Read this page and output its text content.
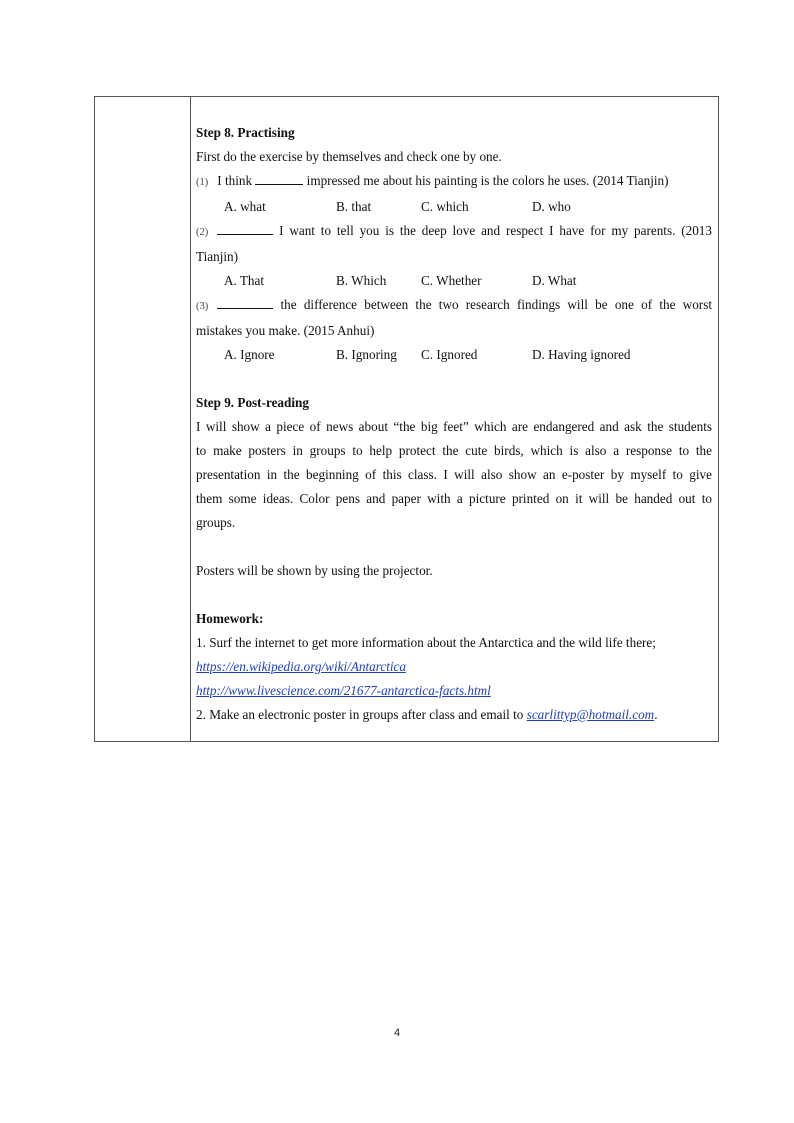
Step 8. Practising
First do the exercise by themselves and check one by one.
(1) I think	impressed me about his painting is the colors he uses. (2014 Tianjin)
A. what	B. that	C. which	D. who
(2)	I want to tell you is the deep love and respect I have for my parents. (2013
Tianjin)
A. That	B. Which	C. Whether	D. What
(3)	the difference between the two research findings will be one of the worst
mistakes you make. (2015 Anhui)
A. Ignore	B. Ignoring	C. Ignored	D. Having ignored
Step 9. Post-reading
I will show a piece of news about “the big feet” which are endangered and ask the students
to make posters in groups to help protect the cute birds, which is also a response to the
presentation in the beginning of this class. I will also show an e-poster by myself to give
them some ideas. Color pens and paper with a picture printed on it will be handed out to
groups.
Posters will be shown by using the projector.
Homework:
1. Surf the internet to get more information about the Antarctica and the wild life there;
https://en.wikipedia.org/wiki/Antarctica
http://www.livescience.com/21677-antarctica-facts.html
2. Make an electronic poster in groups after class and email to scarlittyp@hotmail.com.
4
